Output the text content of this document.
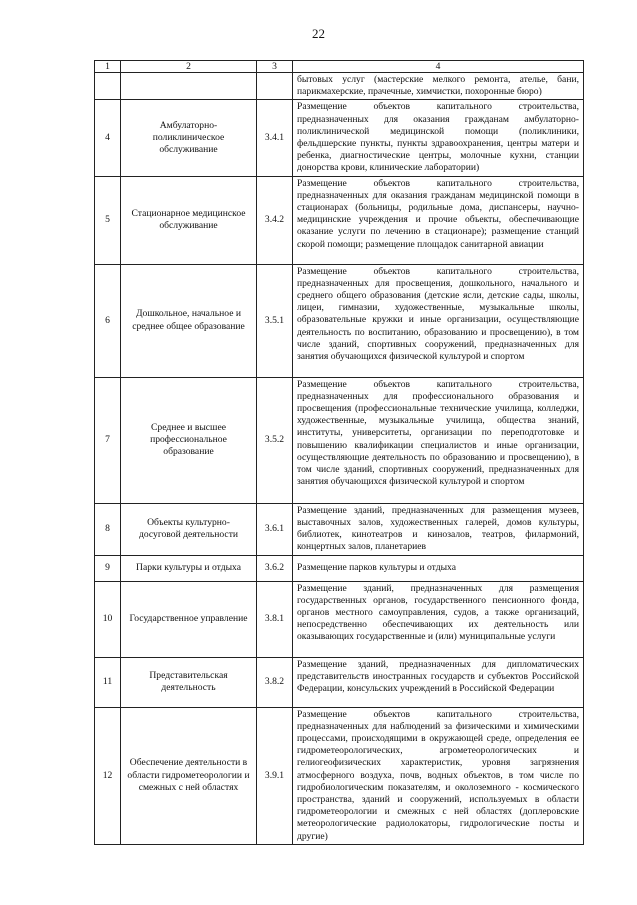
22
1	2	3	4
			бытовых услуг (мастерские мелкого ремонта, ателье, бани, парикмахерские, прачечные, химчистки, похоронные бюро)
4	Амбулаторно-поликлиническое обслуживание	3.4.1	Размещение объектов капитального строительства, предназначенных для оказания гражданам амбулаторно-поликлинической медицинской помощи (поликлиники, фельдшерские пункты, пункты здравоохранения, центры матери и ребенка, диагностические центры, молочные кухни, станции донорства крови, клинические лаборатории)
5	Стационарное медицинское обслуживание	3.4.2	Размещение объектов капитального строительства, предназначенных для оказания гражданам медицинской помощи в стационарах (больницы, родильные дома, диспансеры, научно-медицинские учреждения и прочие объекты, обеспечивающие оказание услуги по лечению в стационаре); размещение станций скорой помощи; размещение площадок санитарной авиации
6	Дошкольное, начальное и среднее общее образование	3.5.1	Размещение объектов капитального строительства, предназначенных для просвещения, дошкольного, начального и среднего общего образования (детские ясли, детские сады, школы, лицеи, гимназии, художественные, музыкальные школы, образовательные кружки и иные организации, осуществляющие деятельность по воспитанию, образованию и просвещению), в том числе зданий, спортивных сооружений, предназначенных для занятия обучающихся физической культурой и спортом
7	Среднее и высшее профессиональное образование	3.5.2	Размещение объектов капитального строительства, предназначенных для профессионального образования и просвещения (профессиональные технические училища, колледжи, художественные, музыкальные училища, общества знаний, институты, университеты, организации по переподготовке и повышению квалификации специалистов и иные организации, осуществляющие деятельность по образованию и просвещению), в том числе зданий, спортивных сооружений, предназначенных для занятия обучающихся физической культурой и спортом
8	Объекты культурно-досуговой деятельности	3.6.1	Размещение зданий, предназначенных для размещения музеев, выставочных залов, художественных галерей, домов культуры, библиотек, кинотеатров и кинозалов, театров, филармоний, концертных залов, планетариев
9	Парки культуры и отдыха	3.6.2	Размещение парков культуры и отдыха
10	Государственное управление	3.8.1	Размещение зданий, предназначенных для размещения государственных органов, государственного пенсионного фонда, органов местного самоуправления, судов, а также организаций, непосредственно обеспечивающих их деятельность или оказывающих государственные и (или) муниципальные услуги
11	Представительская деятельность	3.8.2	Размещение зданий, предназначенных для дипломатических представительств иностранных государств и субъектов Российской Федерации, консульских учреждений в Российской Федерации
12	Обеспечение деятельности в области гидрометеорологии и смежных с ней областях	3.9.1	Размещение объектов капитального строительства, предназначенных для наблюдений за физическими и химическими процессами, происходящими в окружающей среде, определения ее гидрометеорологических, агрометеорологических и гелиогеофизических характеристик, уровня загрязнения атмосферного воздуха, почв, водных объектов, в том числе по гидробиологическим показателям, и околоземного - космического пространства, зданий и сооружений, используемых в области гидрометеорологии и смежных с ней областях (доплеровские метеорологические радиолокаторы, гидрологические посты и другие)
